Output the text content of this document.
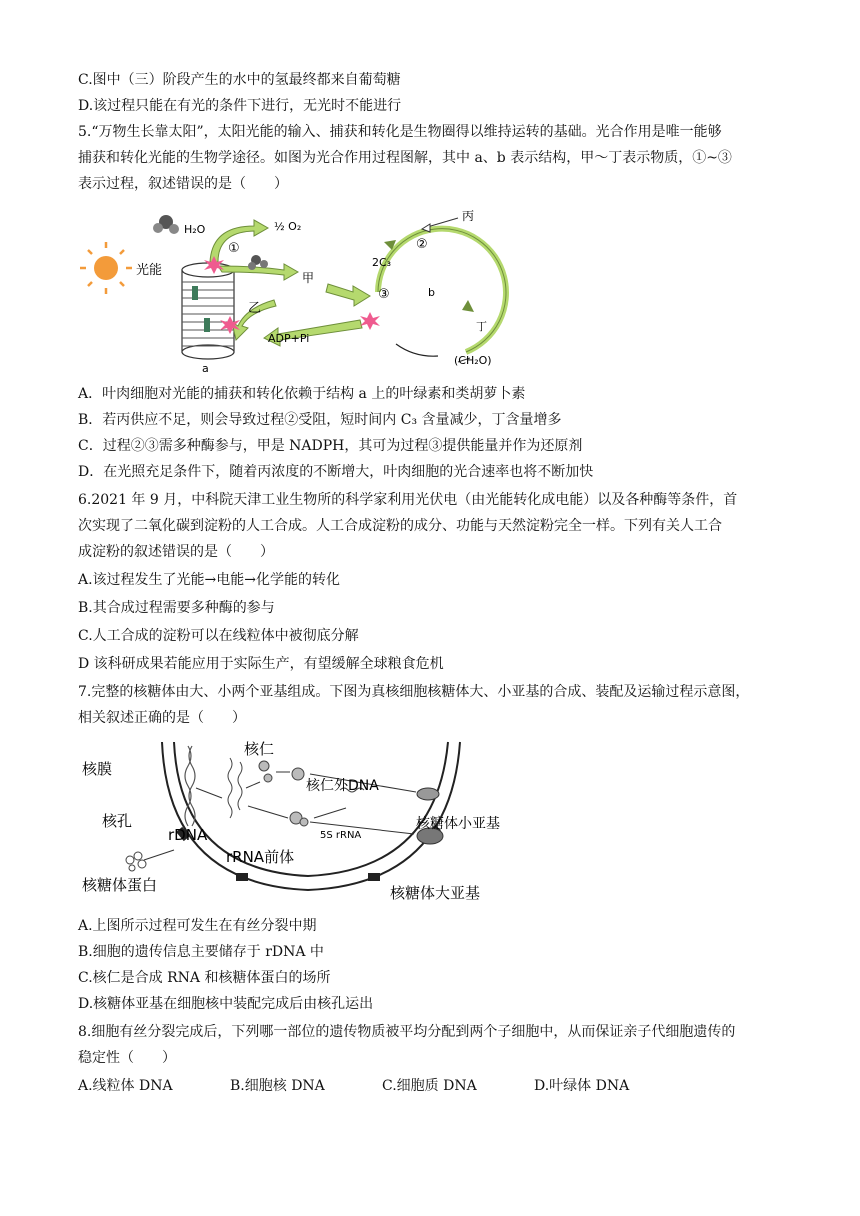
C.图中（三）阶段产生的水中的氢最终都来自葡萄糖
D.该过程只能在有光的条件下进行，无光时不能进行
5.“万物生长靠太阳”，太阳光能的输入、捕获和转化是生物圈得以维持运转的基础。光合作用是唯一能够
捕获和转化光能的生物学途径。如图为光合作用过程图解，其中 a、b 表示结构，甲～丁表示物质，①~③
表示过程，叙述错误的是（　　）
光能
H₂O
a
①
½ O₂
甲
乙
ADP+Pi
丙
②
2C₃
③	b
丁
(CH₂O)
A．叶肉细胞对光能的捕获和转化依赖于结构 a 上的叶绿素和类胡萝卜素
B．若丙供应不足，则会导致过程②受阻，短时间内 C₃ 含量减少，丁含量增多
C．过程②③需多种酶参与，甲是 NADPH，其可为过程③提供能量并作为还原剂
D．在光照充足条件下，随着丙浓度的不断增大，叶肉细胞的光合速率也将不断加快
6.2021 年 9 月，中科院天津工业生物所的科学家利用光伏电（由光能转化成电能）以及各种酶等条件，首
次实现了二氧化碳到淀粉的人工合成。人工合成淀粉的成分、功能与天然淀粉完全一样。下列有关人工合
成淀粉的叙述错误的是（　　）
A.该过程发生了光能→电能→化学能的转化
B.其合成过程需要多种酶的参与
C.人工合成的淀粉可以在线粒体中被彻底分解
D 该科研成果若能应用于实际生产，有望缓解全球粮食危机
7.完整的核糖体由大、小两个亚基组成。下图为真核细胞核糖体大、小亚基的合成、装配及运输过程示意图，
相关叙述正确的是（　　）
核膜
核孔
rDNA
核仁
核仁外DNA
5S rRNA
核糖体小亚基
核糖体蛋白
rRNA前体
核糖体大亚基
A.上图所示过程可发生在有丝分裂中期
B.细胞的遗传信息主要储存于 rDNA 中
C.核仁是合成 RNA 和核糖体蛋白的场所
D.核糖体亚基在细胞核中装配完成后由核孔运出
8.细胞有丝分裂完成后，下列哪一部位的遗传物质被平均分配到两个子细胞中，从而保证亲子代细胞遗传的
稳定性（　　）
A.线粒体 DNA	B.细胞核 DNA	C.细胞质 DNA	D.叶绿体 DNA
